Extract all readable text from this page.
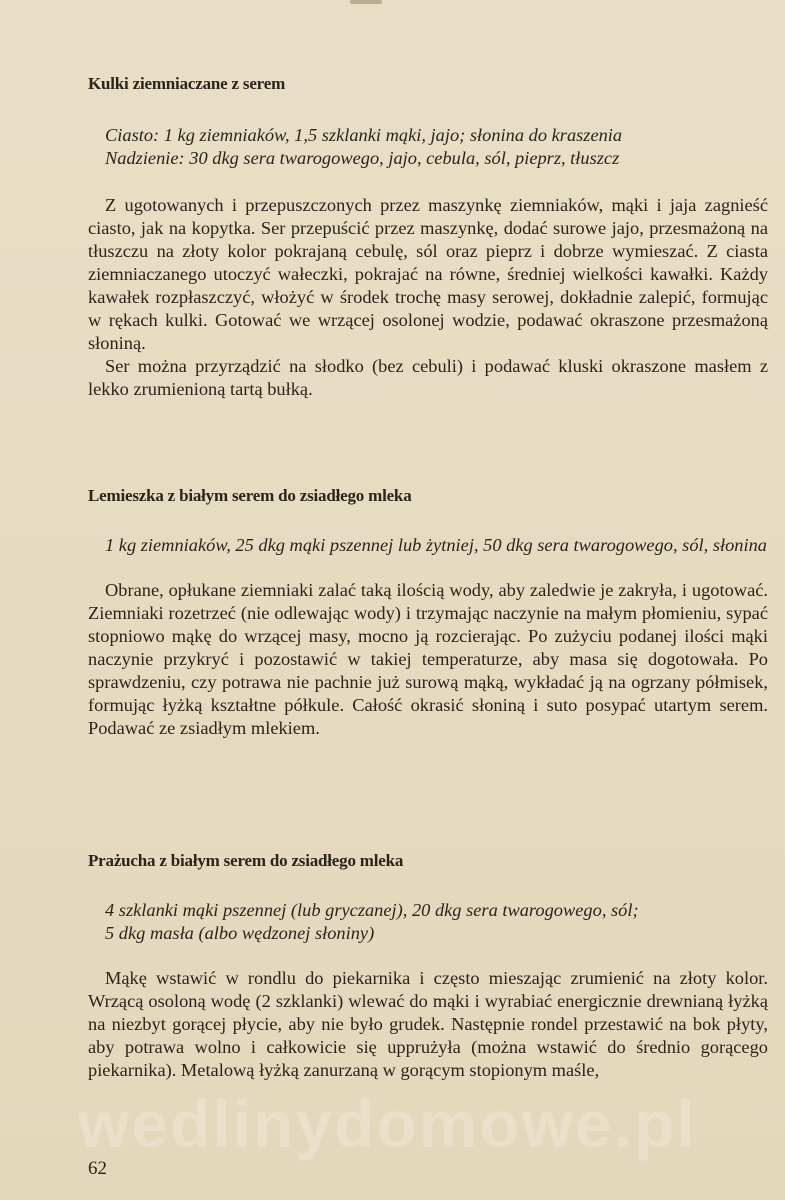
Kulki ziemniaczane z serem

Ciasto: 1 kg ziemniaków, 1,5 szklanki mąki, jajo; słonina do kraszenia

Nadzienie: 30 dkg sera twarogowego, jajo, cebula, sól, pieprz, tłuszcz

Z ugotowanych i przepuszczonych przez maszynkę ziemniaków, mąki i jaja zagnieść ciasto, jak na kopytka. Ser przepuścić przez maszynkę, dodać surowe jajo, przesmażoną na tłuszczu na złoty kolor pokrajaną cebulę, sól oraz pieprz i dobrze wymieszać. Z ciasta ziemniaczanego utoczyć wałeczki, pokrajać na równe, średniej wielkości kawałki. Każdy kawałek rozpłaszczyć, włożyć w środek trochę masy serowej, dokładnie zalepić, formując w rękach kulki. Gotować we wrzącej osolonej wodzie, podawać okraszone przesmażoną słoniną.

Ser można przyrządzić na słodko (bez cebuli) i podawać kluski okraszone masłem z lekko zrumienioną tartą bułką.

Lemieszka z białym serem do zsiadłego mleka

1 kg ziemniaków, 25 dkg mąki pszennej lub żytniej, 50 dkg sera twarogowego, sól, słonina

Obrane, opłukane ziemniaki zalać taką ilością wody, aby zaledwie je zakryła, i ugotować. Ziemniaki rozetrzeć (nie odlewając wody) i trzymając naczynie na małym płomieniu, sypać stopniowo mąkę do wrzącej masy, mocno ją rozcierając. Po zużyciu podanej ilości mąki naczynie przykryć i pozostawić w takiej temperaturze, aby masa się dogotowała. Po sprawdzeniu, czy potrawa nie pachnie już surową mąką, wykładać ją na ogrzany półmisek, formując łyżką kształtne półkule. Całość okrasić słoniną i suto posypać utartym serem. Podawać ze zsiadłym mlekiem.

Prażucha z białym serem do zsiadłego mleka

4 szklanki mąki pszennej (lub gryczanej), 20 dkg sera twarogowego, sól;

5 dkg masła (albo wędzonej słoniny)

Mąkę wstawić w rondlu do piekarnika i często mieszając zrumienić na złoty kolor. Wrzącą osoloną wodę (2 szklanki) wlewać do mąki i wyrabiać energicznie drewnianą łyżką na niezbyt gorącej płycie, aby nie było grudek. Następnie rondel przestawić na bok płyty, aby potrawa wolno i całkowicie się upprużyła (można wstawić do średnio gorącego piekarnika). Metalową łyżką zanurzaną w gorącym stopionym maśle,

wedlinydomowe.pl
62
